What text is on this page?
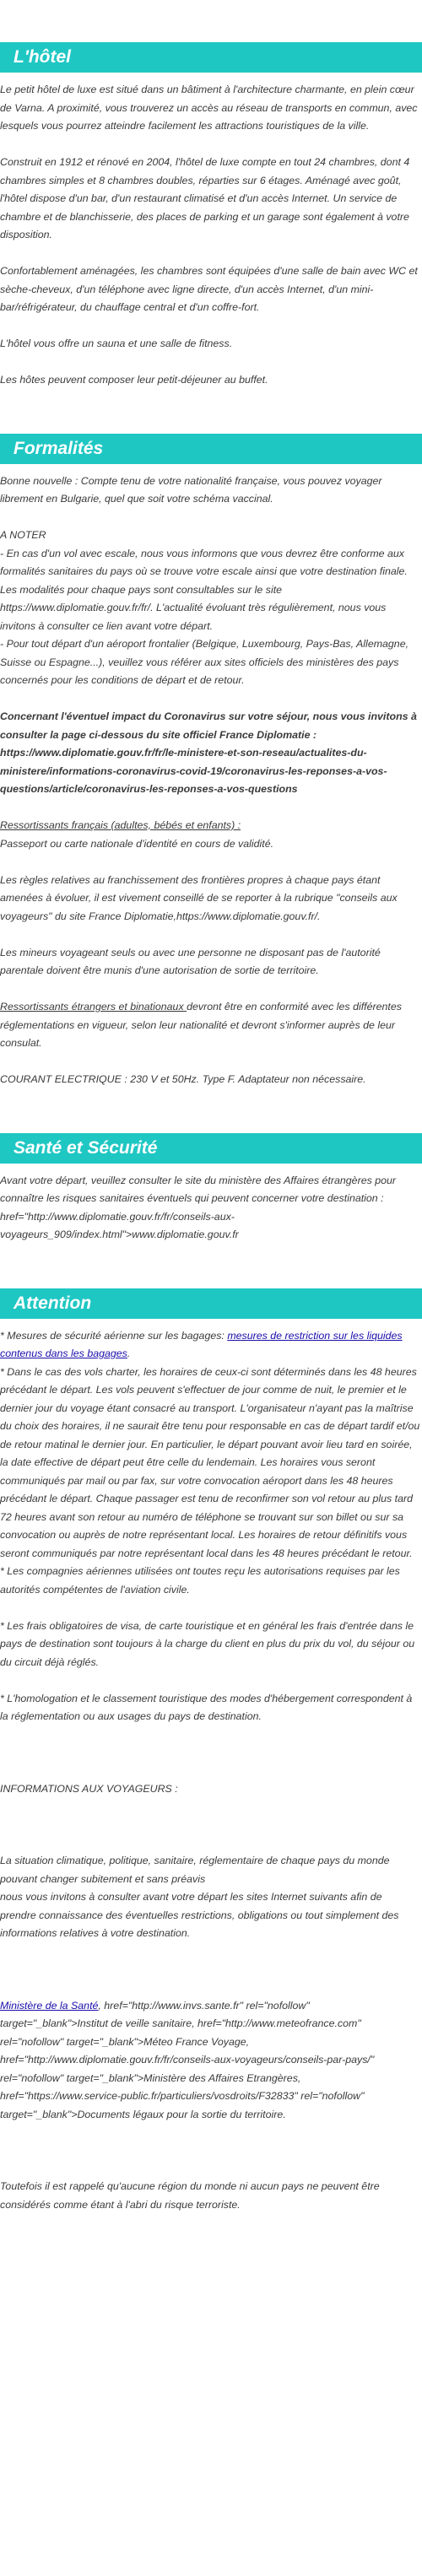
L'hôtel

Le petit hôtel de luxe est situé dans un bâtiment à l'architecture charmante, en plein cœur de Varna. A proximité, vous trouverez un accès au réseau de transports en commun, avec lesquels vous pourrez atteindre facilement les attractions touristiques de la ville.

Construit en 1912 et rénové en 2004, l'hôtel de luxe compte en tout 24 chambres, dont 4 chambres simples et 8 chambres doubles, réparties sur 6 étages. Aménagé avec goût, l'hôtel dispose d'un bar, d'un restaurant climatisé et d'un accès Internet. Un service de chambre et de blanchisserie, des places de parking et un garage sont également à votre disposition.

Confortablement aménagées, les chambres sont équipées d'une salle de bain avec WC et sèche-cheveux, d'un téléphone avec ligne directe, d'un accès Internet, d'un mini-bar/réfrigérateur, du chauffage central et d'un coffre-fort.

L'hôtel vous offre un sauna et une salle de fitness.

Les hôtes peuvent composer leur petit-déjeuner au buffet.

Formalités

Bonne nouvelle : Compte tenu de votre nationalité française, vous pouvez voyager librement en Bulgarie, quel que soit votre schéma vaccinal.

A NOTER

- En cas d'un vol avec escale, nous vous informons que vous devrez être conforme aux formalités sanitaires du pays où se trouve votre escale ainsi que votre destination finale.

Les modalités pour chaque pays sont consultables sur le site https://www.diplomatie.gouv.fr/fr/. L'actualité évoluant très régulièrement, nous vous invitons à consulter ce lien avant votre départ.

- Pour tout départ d'un aéroport frontalier (Belgique, Luxembourg, Pays-Bas, Allemagne, Suisse ou Espagne...), veuillez vous référer aux sites officiels des ministères des pays concernés pour les conditions de départ et de retour.

Concernant l'éventuel impact du Coronavirus sur votre séjour, nous vous invitons à consulter la page ci-dessous du site officiel France Diplomatie : https://www.diplomatie.gouv.fr/fr/le-ministere-et-son-reseau/actualites-du-ministere/informations-coronavirus-covid-19/coronavirus-les-reponses-a-vos-questions/article/coronavirus-les-reponses-a-vos-questions

Ressortissants français (adultes, bébés et enfants) :

Passeport ou carte nationale d'identité en cours de validité.

Les règles relatives au franchissement des frontières propres à chaque pays étant amenées à évoluer, il est vivement conseillé de se reporter à la rubrique "conseils aux voyageurs" du site France Diplomatie,https://www.diplomatie.gouv.fr/.

Les mineurs voyageant seuls ou avec une personne ne disposant pas de l'autorité parentale doivent être munis d'une autorisation de sortie de territoire.

Ressortissants étrangers et binationaux devront être en conformité avec les différentes réglementations en vigueur, selon leur nationalité et devront s'informer auprès de leur consulat.

COURANT ELECTRIQUE : 230 V et 50Hz. Type F. Adaptateur non nécessaire.

Santé et Sécurité

Avant votre départ, veuillez consulter le site du ministère des Affaires étrangères pour connaître les risques sanitaires éventuels qui peuvent concerner votre destination : href="http://www.diplomatie.gouv.fr/fr/conseils-aux-voyageurs_909/index.html">www.diplomatie.gouv.fr

Attention

* Mesures de sécurité aérienne sur les bagages: mesures de restriction sur les liquides contenus dans les bagages.

* Dans le cas des vols charter, les horaires de ceux-ci sont déterminés dans les 48 heures précédant le départ. Les vols peuvent s'effectuer de jour comme de nuit, le premier et le dernier jour du voyage étant consacré au transport. L'organisateur n'ayant pas la maîtrise du choix des horaires, il ne saurait être tenu pour responsable en cas de départ tardif et/ou de retour matinal le dernier jour. En particulier, le départ pouvant avoir lieu tard en soirée, la date effective de départ peut être celle du lendemain. Les horaires vous seront communiqués par mail ou par fax, sur votre convocation aéroport dans les 48 heures précédant le départ. Chaque passager est tenu de reconfirmer son vol retour au plus tard 72 heures avant son retour au numéro de téléphone se trouvant sur son billet ou sur sa convocation ou auprès de notre représentant local. Les horaires de retour définitifs vous seront communiqués par notre représentant local dans les 48 heures précédant le retour.

* Les compagnies aériennes utilisées ont toutes reçu les autorisations requises par les autorités compétentes de l'aviation civile.

* Les frais obligatoires de visa, de carte touristique et en général les frais d'entrée dans le pays de destination sont toujours à la charge du client en plus du prix du vol, du séjour ou du circuit déjà réglés.

* L'homologation et le classement touristique des modes d'hébergement correspondent à la réglementation ou aux usages du pays de destination.

INFORMATIONS AUX VOYAGEURS :

La situation climatique, politique, sanitaire, réglementaire de chaque pays du monde pouvant changer subitement et sans préavis
nous vous invitons à consulter avant votre départ les sites Internet suivants afin de prendre connaissance des éventuelles restrictions, obligations ou tout simplement des informations relatives à votre destination.

Ministère de la Santé, href="http://www.invs.sante.fr" rel="nofollow" target="_blank">Institut de veille sanitaire, href="http://www.meteofrance.com" rel="nofollow" target="_blank">Méteo France Voyage, href="http://www.diplomatie.gouv.fr/fr/conseils-aux-voyageurs/conseils-par-pays/" rel="nofollow" target="_blank">Ministère des Affaires Etrangères, href="https://www.service-public.fr/particuliers/vosdroits/F32833" rel="nofollow" target="_blank">Documents légaux pour la sortie du territoire.

Toutefois il est rappelé qu'aucune région du monde ni aucun pays ne peuvent être considérés comme étant à l'abri du risque terroriste.
